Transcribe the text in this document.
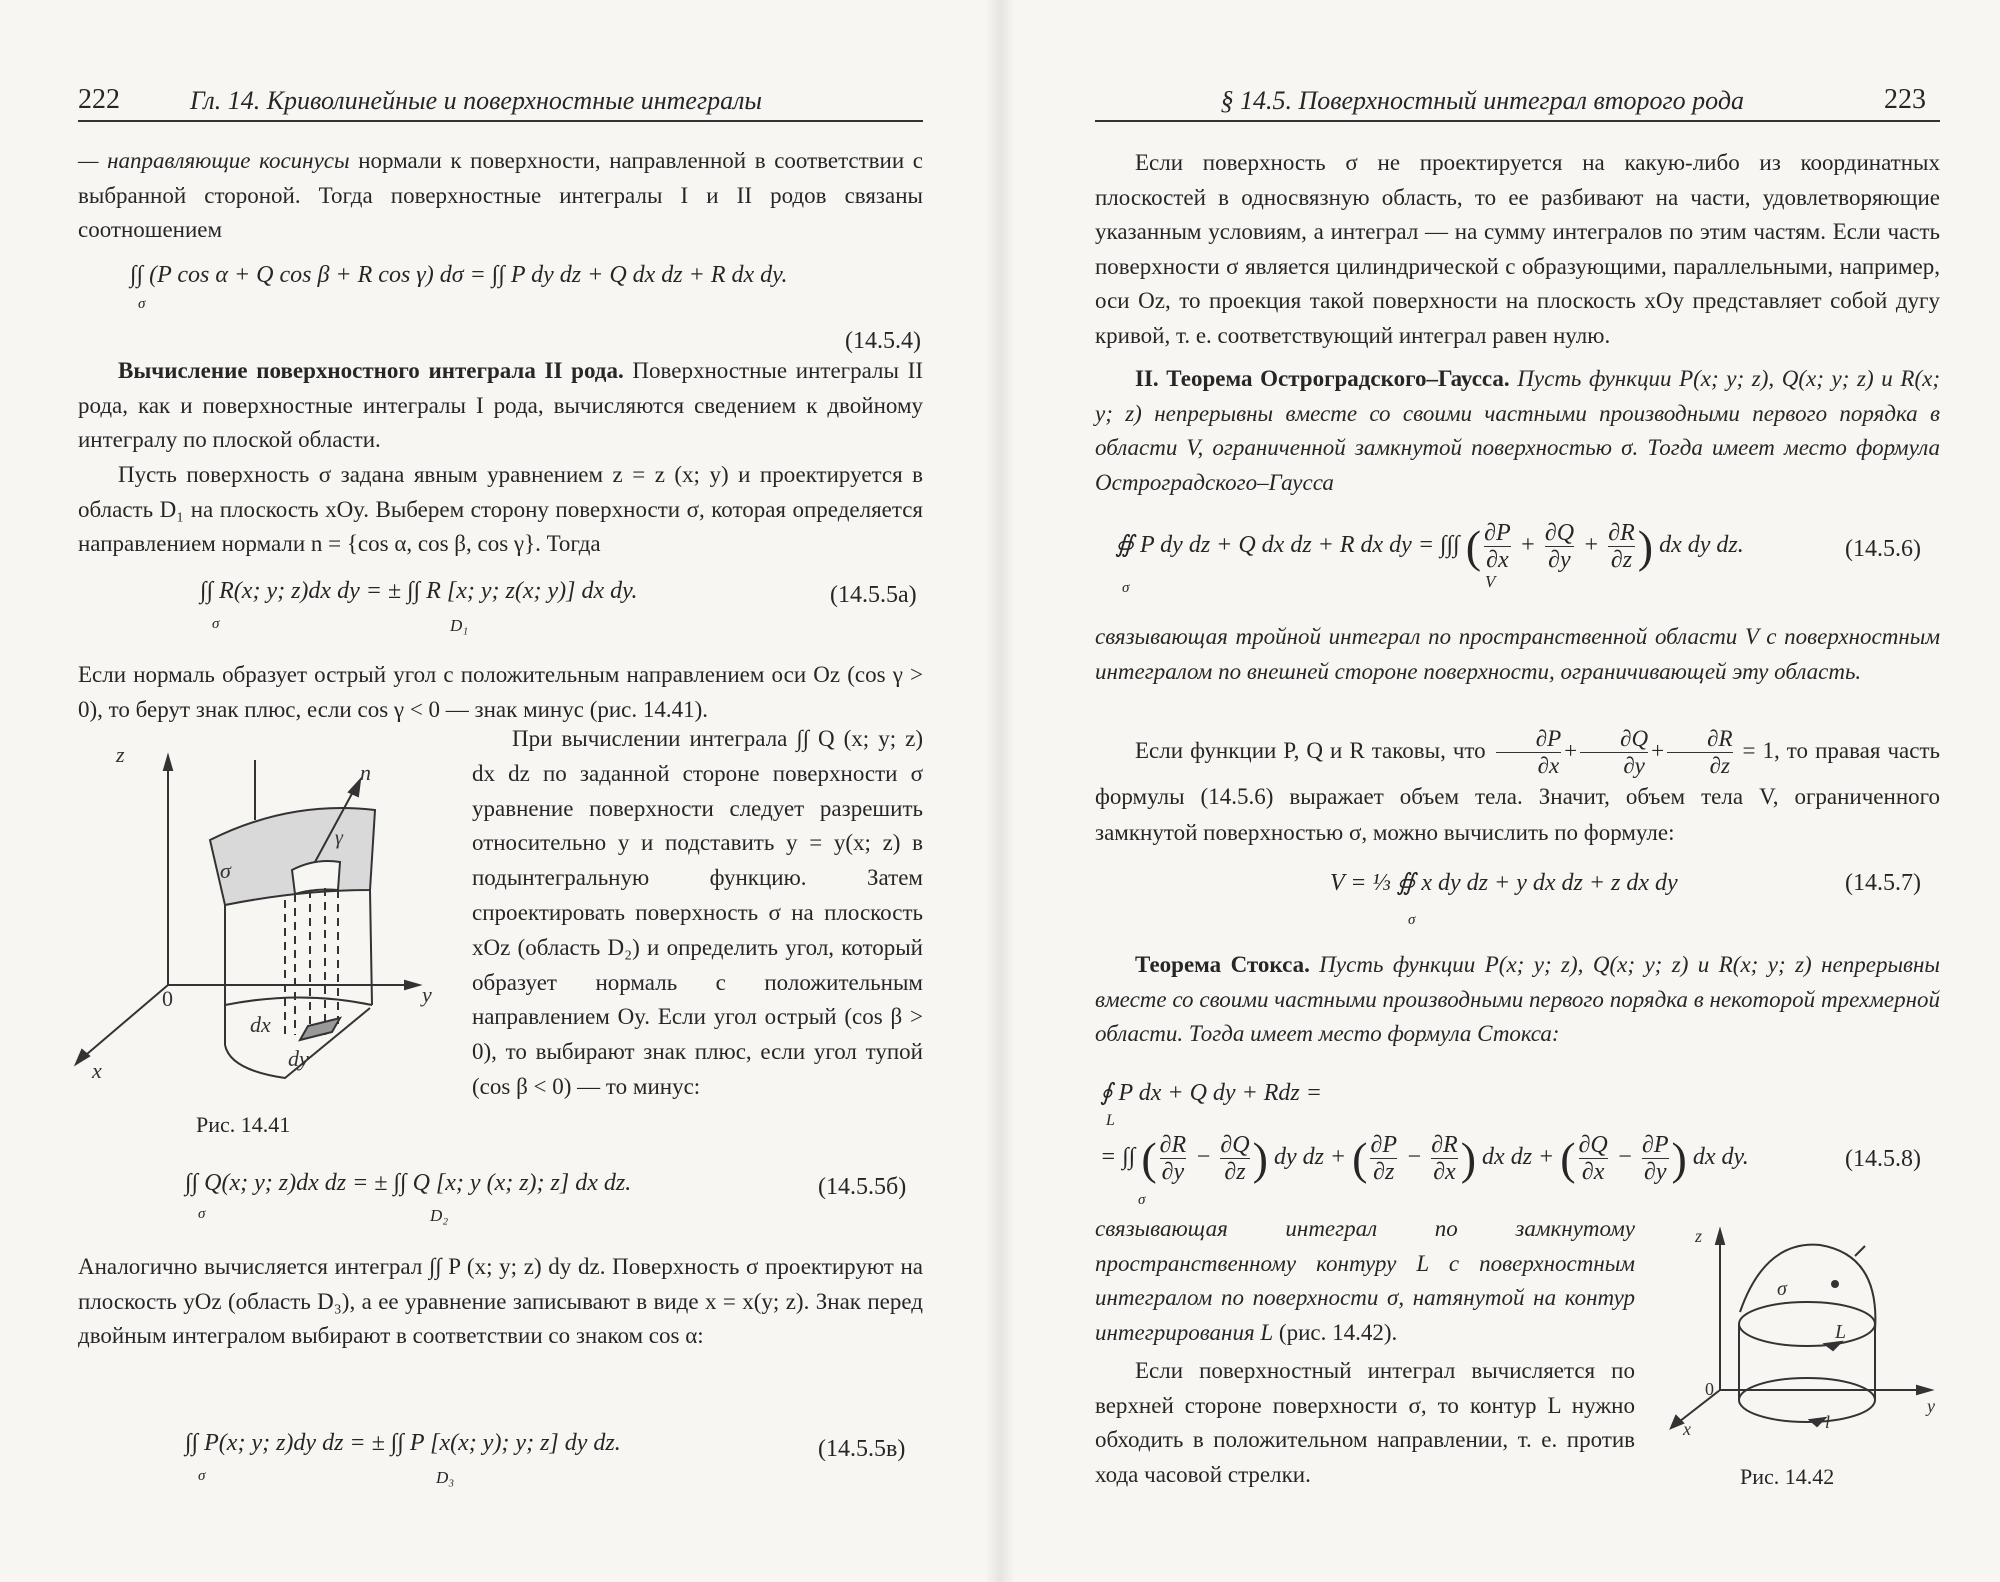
222	Гл. 14. Криволинейные и поверхностные интегралы

— направляющие косинусы нормали к поверхности, направленной в соответствии с выбранной стороной. Тогда поверхностные интегралы I и II родов связаны соотношением

∫∫ (P cos α + Q cos β + R cos γ) dσ = ∫∫ P dy dz + Q dx dz + R dx dy.
σ
(14.5.4)
Вычисление поверхностного интеграла II рода. Поверхностные интегралы II рода, как и поверхностные интегралы I рода, вычисляются сведением к двойному интегралу по плоской области.
Пусть поверхность σ задана явным уравнением z = z (x; y) и проектируется в область D₁ на плоскость xOy. Выберем сторону поверхности σ, которая определяется направлением нормали n = {cos α, cos β, cos γ}. Тогда
∫∫ R(x; y; z)dx dy = ± ∫∫ R [x; y; z(x; y)] dx dy.
σ	D₁
(14.5.5а)
Если нормаль образует острый угол с положительным направлением оси Oz (cos γ > 0), то берут знак плюс, если cos γ < 0 — знак минус (рис. 14.41).
z
y
x
0
n
γ
σ
dx
dy
Рис. 14.41

При вычислении интеграла ∫∫ Q (x; y; z) dx dz по заданной стороне поверхности σ уравнение поверхности следует разрешить относительно y и подставить y = y(x; z) в подынтегральную функцию. Затем спроектировать поверхность σ на плоскость xOz (область D₂) и определить угол, который образует нормаль с положительным направлением Oy. Если угол острый (cos β > 0), то выбирают знак плюс, если угол тупой (cos β < 0) — то минус:

∫∫ Q(x; y; z)dx dz = ± ∫∫ Q [x; y (x; z); z] dx dz.
σ	D₂
(14.5.5б)
Аналогично вычисляется интеграл ∫∫ P (x; y; z) dy dz. Поверхность σ проектируют на плоскость yOz (область D₃), а ее уравнение записывают в виде x = x(y; z). Знак перед двойным интегралом выбирают в соответствии со знаком cos α:
∫∫ P(x; y; z)dy dz = ± ∫∫ P [x(x; y); y; z] dy dz.
σ	D₃
(14.5.5в)
§ 14.5. Поверхностный интеграл второго рода	223
Если поверхность σ не проектируется на какую-либо из координатных плоскостей в односвязную область, то ее разбивают на части, удовлетворяющие указанным условиям, а интеграл — на сумму интегралов по этим частям. Если часть поверхности σ является цилиндрической с образующими, параллельными, например, оси Oz, то проекция такой поверхности на плоскость xOy представляет собой дугу кривой, т. е. соответствующий интеграл равен нулю.
II. Теорема Остроградского–Гаусса. Пусть функции P(x; y; z), Q(x; y; z) и R(x; y; z) непрерывны вместе со своими частными производными первого порядка в области V, ограниченной замкнутой поверхностью σ. Тогда имеет место формула Остроградского–Гаусса
∯ P dy dz + Q dx dz + R dx dy = ∫∫∫ ( $\frac{\partial P}{\partial x} + \frac{\partial Q}{\partial y} + \frac{\partial R}{\partial z}$ ) dx dy dz.
σ	V
(14.5.6)
связывающая тройной интеграл по пространственной области V с поверхностным интегралом по внешней стороне поверхности, ограничивающей эту область.
Если функции P, Q и R таковы, что $\frac{\partial P}{\partial x} + \frac{\partial Q}{\partial y} + \frac{\partial R}{\partial z} = 1$, то правая часть формулы (14.5.6) выражает объем тела. Значит, объем тела V, ограниченного замкнутой поверхностью σ, можно вычислить по формуле:
V = ⅓ ∯ x dy dz + y dx dz + z dx dy
σ
(14.5.7)
Теорема Стокса. Пусть функции P(x; y; z), Q(x; y; z) и R(x; y; z) непрерывны вместе со своими частными производными первого порядка в некоторой трехмерной области. Тогда имеет место формула Стокса:
∮ P dx + Q dy + Rdz =
L
= ∫∫ ( $\frac{\partial R}{\partial y} - \frac{\partial Q}{\partial z}$ ) dy dz + ( $\frac{\partial P}{\partial z} - \frac{\partial R}{\partial x}$ ) dx dz + ( $\frac{\partial Q}{\partial x} - \frac{\partial P}{\partial y}$ ) dx dy.
σ
(14.5.8)
связывающая интеграл по замкнутому пространственному контуру L с поверхностным интегралом по поверхности σ, натянутой на контур интегрирования L (рис. 14.42).
Если поверхностный интеграл вычисляется по верхней стороне поверхности σ, то контур L нужно обходить в положительном направлении, т. е. против хода часовой стрелки.
z
y
x
0
σ
L
l
Рис. 14.42
